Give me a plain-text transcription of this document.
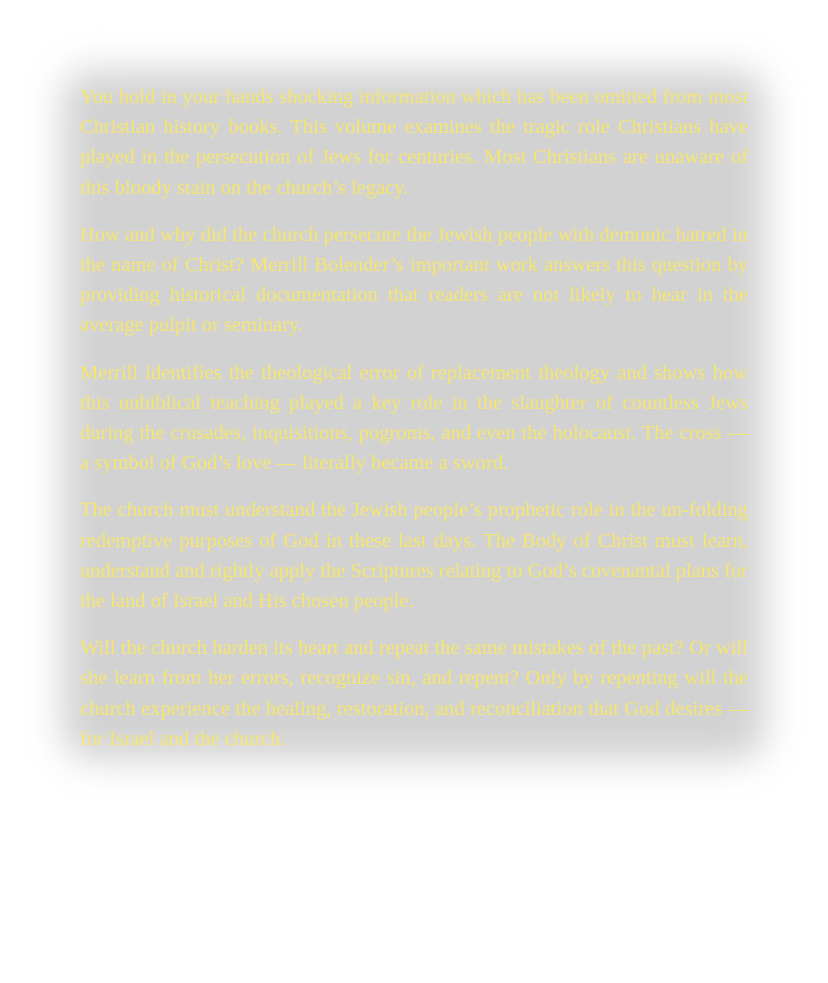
You hold in your hands shocking information which has been omitted from most Christian history books. This volume examines the tragic role Christians have played in the persecution of Jews for centuries. Most Christians are unaware of this bloody stain on the church’s legacy.

How and why did the church persecute the Jewish people with demonic hatred in the name of Christ? Merrill Bolender’s important work answers this question by providing historical documentation that readers are not likely to hear in the average pulpit or seminary.

Merrill identifies the theological error of replacement theology and shows how this unbiblical teaching played a key role in the slaughter of countless Jews during the crusades, inquisitions, pogroms, and even the holocaust. The cross — a symbol of God’s love — literally became a sword.

The church must understand the Jewish people’s prophetic role in the un-folding redemptive purposes of God in these last days. The Body of Christ must learn, understand and rightly apply the Scriptures relating to God’s covenantal plans for the land of Israel and His chosen people.

Will the church harden its heart and repeat the same mistakes of the past? Or will she learn from her errors, recognize sin, and repent? Only by repenting will the church experience the healing, restoration, and reconciliation that God desires — for Israel and the church.
